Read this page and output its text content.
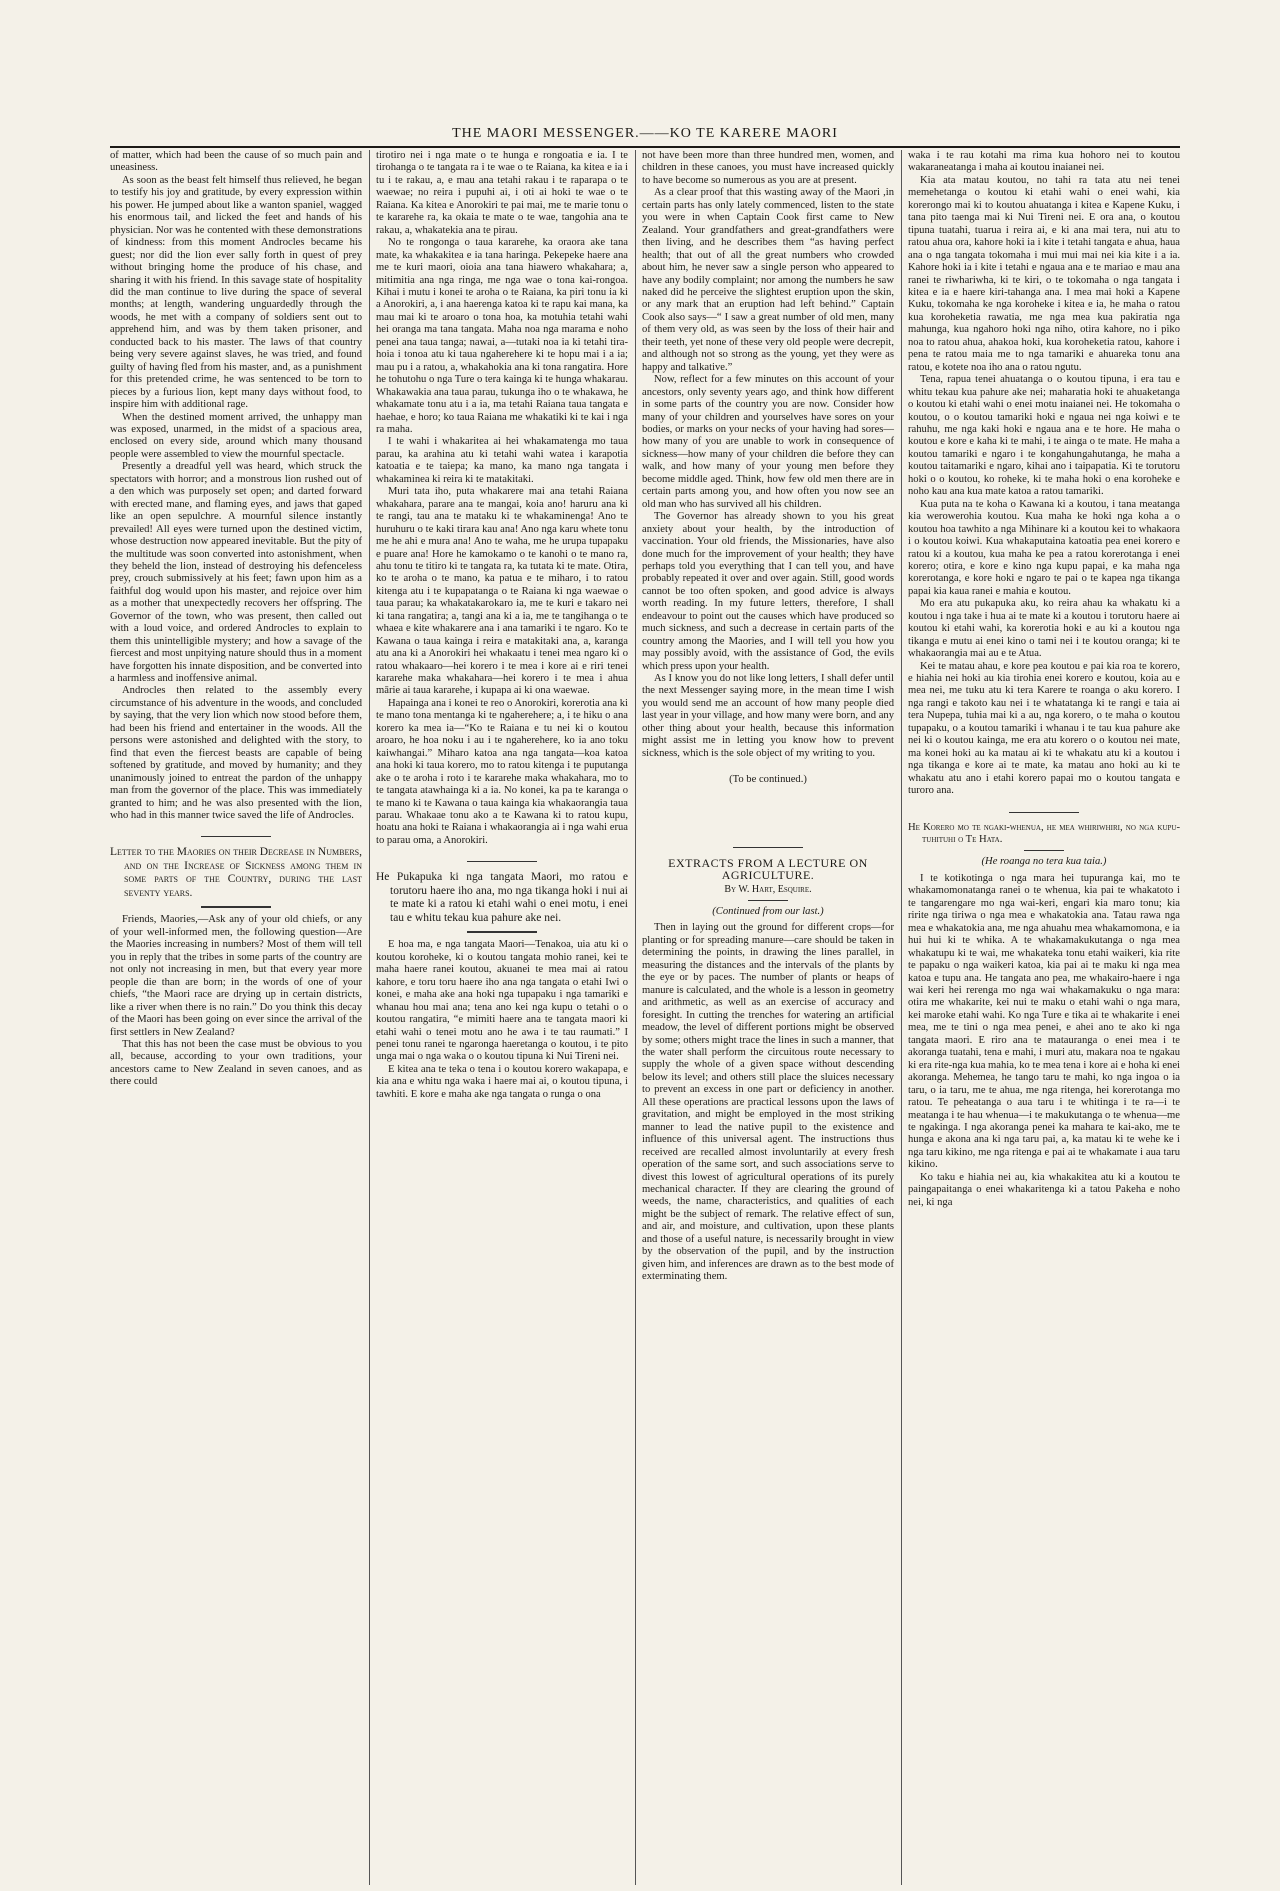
THE MAORI MESSENGER.——KO TE KARERE MAORI

of matter, which had been the cause of so much pain and uneasiness.

As soon as the beast felt himself thus relieved, he began to testify his joy and gratitude, by every expression within his power. He jumped about like a wanton spaniel, wagged his enormous tail, and licked the feet and hands of his physician. Nor was he contented with these demonstrations of kindness: from this moment Androcles became his guest; nor did the lion ever sally forth in quest of prey without bringing home the produce of his chase, and sharing it with his friend. In this savage state of hospitality did the man continue to live during the space of several months; at length, wandering unguardedly through the woods, he met with a company of soldiers sent out to apprehend him, and was by them taken prisoner, and conducted back to his master. The laws of that country being very severe against slaves, he was tried, and found guilty of having fled from his master, and, as a punishment for this pretended crime, he was sentenced to be torn to pieces by a furious lion, kept many days without food, to inspire him with additional rage.

When the destined moment arrived, the unhappy man was exposed, unarmed, in the midst of a spacious area, enclosed on every side, around which many thousand people were assembled to view the mournful spectacle.

Presently a dreadful yell was heard, which struck the spectators with horror; and a monstrous lion rushed out of a den which was purposely set open; and darted forward with erected mane, and flaming eyes, and jaws that gaped like an open sepulchre. A mournful silence instantly prevailed! All eyes were turned upon the destined victim, whose destruction now appeared inevitable. But the pity of the multitude was soon converted into astonishment, when they beheld the lion, instead of destroying his defenceless prey, crouch submissively at his feet; fawn upon him as a faithful dog would upon his master, and rejoice over him as a mother that unexpectedly recovers her offspring. The Governor of the town, who was present, then called out with a loud voice, and ordered Androcles to explain to them this unintelligible mystery; and how a savage of the fiercest and most unpitying nature should thus in a moment have forgotten his innate disposition, and be converted into a harmless and inoffensive animal.

Androcles then related to the assembly every circumstance of his adventure in the woods, and concluded by saying, that the very lion which now stood before them, had been his friend and entertainer in the woods. All the persons were astonished and delighted with the story, to find that even the fiercest beasts are capable of being softened by gratitude, and moved by humanity; and they unanimously joined to entreat the pardon of the unhappy man from the governor of the place. This was immediately granted to him; and he was also presented with the lion, who had in this manner twice saved the life of Androcles.

Letter to the Maories on their Decrease in Numbers, and on the Increase of Sickness among them in some parts of the Country, during the last seventy years.

Friends, Maories,—Ask any of your old chiefs, or any of your well-informed men, the following question—Are the Maories increasing in numbers? Most of them will tell you in reply that the tribes in some parts of the country are not only not increasing in men, but that every year more people die than are born; in the words of one of your chiefs, “the Maori race are drying up in certain districts, like a river when there is no rain.” Do you think this decay of the Maori has been going on ever since the arrival of the first settlers in New Zealand?

That this has not been the case must be obvious to you all, because, according to your own traditions, your ancestors came to New Zealand in seven canoes, and as there could

tirotiro nei i nga mate o te hunga e rongoatia e ia. I te tirohanga o te tangata ra i te wae o te Raiana, ka kitea e ia i tu i te rakau, a, e mau ana tetahi rakau i te raparapa o te waewae; no reira i pupuhi ai, i oti ai hoki te wae o te Raiana. Ka kitea e Anorokiri te pai mai, me te marie tonu o te kararehe ra, ka okaia te mate o te wae, tangohia ana te rakau, a, whakatekia ana te pirau.

No te rongonga o taua kararehe, ka oraora ake tana mate, ka whakakitea e ia tana haringa. Pekepeke haere ana me te kuri maori, oioia ana tana hiawero whakahara; a, mitimitia ana nga ringa, me nga wae o tona kai-rongoa. Kihai i mutu i konei te aroha o te Raiana, ka piri tonu ia ki a Anorokiri, a, i ana haerenga katoa ki te rapu kai mana, ka mau mai ki te aroaro o tona hoa, ka motuhia tetahi wahi hei oranga ma tana tangata. Maha noa nga marama e noho penei ana taua tanga; nawai, a—tutaki noa ia ki tetahi tira-hoia i tonoa atu ki taua ngaherehere ki te hopu mai i a ia; mau pu i a ratou, a, whakahokia ana ki tona rangatira. Hore he tohutohu o nga Ture o tera kainga ki te hunga whakarau. Whakawakia ana taua parau, tukunga iho o te whakawa, he whakamate tonu atu i a ia, ma tetahi Raiana taua tangata e haehae, e horo; ko taua Raiana me whakatiki ki te kai i nga ra maha.

I te wahi i whakaritea ai hei whakamatenga mo taua parau, ka arahina atu ki tetahi wahi watea i karapotia katoatia e te taiepa; ka mano, ka mano nga tangata i whakaminea ki reira ki te matakitaki.

Muri tata iho, puta whakarere mai ana tetahi Raiana whakahara, parare ana te mangai, koia ano! haruru ana ki te rangi, tau ana te mataku ki te whakaminenga! Ano te huruhuru o te kaki tirara kau ana! Ano nga karu whete tonu me he ahi e mura ana! Ano te waha, me he urupa tupapaku e puare ana! Hore he kamokamo o te kanohi o te mano ra, ahu tonu te titiro ki te tangata ra, ka tutata ki te mate. Otira, ko te aroha o te mano, ka patua e te miharo, i to ratou kitenga atu i te kupapatanga o te Raiana ki nga waewae o taua parau; ka whakatakarokaro ia, me te kuri e takaro nei ki tana rangatira; a, tangi ana ki a ia, me te tangihanga o te whaea e kite whakarere ana i ana tamariki i te ngaro. Ko te Kawana o taua kainga i reira e matakitaki ana, a, karanga atu ana ki a Anorokiri hei whakaatu i tenei mea ngaro ki o ratou whakaaro—hei korero i te mea i kore ai e riri tenei kararehe maka whakahara—hei korero i te mea i ahua mārie ai taua kararehe, i kupapa ai ki ona waewae.

Hapainga ana i konei te reo o Anorokiri, korerotia ana ki te mano tona mentanga ki te ngaherehere; a, i te hiku o ana korero ka mea ia—“Ko te Raiana e tu nei ki o koutou aroaro, he hoa noku i au i te ngaherehere, ko ia ano toku kaiwhangai.” Miharo katoa ana nga tangata—koa katoa ana hoki ki taua korero, mo to ratou kitenga i te puputanga ake o te aroha i roto i te kararehe maka whakahara, mo to te tangata atawhainga ki a ia. No konei, ka pa te karanga o te mano ki te Kawana o taua kainga kia whakaorangia taua parau. Whakaae tonu ako a te Kawana ki to ratou kupu, hoatu ana hoki te Raiana i whakaorangia ai i nga wahi erua to parau oma, a Anorokiri.

He Pukapuka ki nga tangata Maori, mo ratou e torutoru haere iho ana, mo nga tikanga hoki i nui ai te mate ki a ratou ki etahi wahi o enei motu, i enei tau e whitu tekau kua pahure ake nei.

E hoa ma, e nga tangata Maori—Tenakoa, uia atu ki o koutou koroheke, ki o koutou tangata mohio ranei, kei te maha haere ranei koutou, akuanei te mea mai ai ratou kahore, e toru toru haere iho ana nga tangata o etahi Iwi o konei, e maha ake ana hoki nga tupapaku i nga tamariki e whanau hou mai ana; tena ano kei nga kupu o tetahi o o koutou rangatira, “e mimiti haere ana te tangata maori ki etahi wahi o tenei motu ano he awa i te tau raumati.” I penei tonu ranei te ngaronga haeretanga o koutou, i te pito unga mai o nga waka o o koutou tipuna ki Nui Tireni nei.

E kitea ana te teka o tena i o koutou korero wakapapa, e kia ana e whitu nga waka i haere mai ai, o koutou tipuna, i tawhiti. E kore e maha ake nga tangata o runga o ona

not have been more than three hundred men, women, and children in these canoes, you must have increased quickly to have become so numerous as you are at present.

As a clear proof that this wasting away of the Maori ,in certain parts has only lately commenced, listen to the state you were in when Captain Cook first came to New Zealand. Your grandfathers and great-grandfathers were then living, and he describes them “as having perfect health; that out of all the great numbers who crowded about him, he never saw a single person who appeared to have any bodily complaint; nor among the numbers he saw naked did he perceive the slightest eruption upon the skin, or any mark that an eruption had left behind.” Captain Cook also says—“ I saw a great number of old men, many of them very old, as was seen by the loss of their hair and their teeth, yet none of these very old people were decrepit, and although not so strong as the young, yet they were as happy and talkative.”

Now, reflect for a few minutes on this account of your ancestors, only seventy years ago, and think how different in some parts of the country you are now. Consider how many of your children and yourselves have sores on your bodies, or marks on your necks of your having had sores—how many of you are unable to work in consequence of sickness—how many of your children die before they can walk, and how many of your young men before they become middle aged. Think, how few old men there are in certain parts among you, and how often you now see an old man who has survived all his children.

The Governor has already shown to you his great anxiety about your health, by the introduction of vaccination. Your old friends, the Missionaries, have also done much for the improvement of your health; they have perhaps told you everything that I can tell you, and have probably repeated it over and over again. Still, good words cannot be too often spoken, and good advice is always worth reading. In my future letters, therefore, I shall endeavour to point out the causes which have produced so much sickness, and such a decrease in certain parts of the country among the Maories, and I will tell you how you may possibly avoid, with the assistance of God, the evils which press upon your health.

As I know you do not like long letters, I shall defer until the next Messenger saying more, in the mean time I wish you would send me an account of how many people died last year in your village, and how many were born, and any other thing about your health, because this information might assist me in letting you know how to prevent sickness, which is the sole object of my writing to you.

(To be continued.)

EXTRACTS FROM A LECTURE ON AGRICULTURE.
By W. Hart, Esquire.
(Continued from our last.)

Then in laying out the ground for different crops—for planting or for spreading manure—care should be taken in determining the points, in drawing the lines parallel, in measuring the distances and the intervals of the plants by the eye or by paces. The number of plants or heaps of manure is calculated, and the whole is a lesson in geometry and arithmetic, as well as an exercise of accuracy and foresight. In cutting the trenches for watering an artificial meadow, the level of different portions might be observed by some; others might trace the lines in such a manner, that the water shall perform the circuitous route necessary to supply the whole of a given space without descending below its level; and others still place the sluices necessary to prevent an excess in one part or deficiency in another. All these operations are practical lessons upon the laws of gravitation, and might be employed in the most striking manner to lead the native pupil to the existence and influence of this universal agent. The instructions thus received are recalled almost involuntarily at every fresh operation of the same sort, and such associations serve to divest this lowest of agricultural operations of its purely mechanical character. If they are clearing the ground of weeds, the name, characteristics, and qualities of each might be the subject of remark. The relative effect of sun, and air, and moisture, and cultivation, upon these plants and those of a useful nature, is necessarily brought in view by the observation of the pupil, and by the instruction given him, and inferences are drawn as to the best mode of exterminating them.

waka i te rau kotahi ma rima kua hohoro nei to koutou wakaraneatanga i maha ai koutou inaianei nei.

Kia ata matau koutou, no tahi ra tata atu nei tenei memehetanga o koutou ki etahi wahi o enei wahi, kia korerongo mai ki to koutou ahuatanga i kitea e Kapene Kuku, i tana pito taenga mai ki Nui Tireni nei. E ora ana, o koutou tipuna tuatahi, tuarua i reira ai, e ki ana mai tera, nui atu to ratou ahua ora, kahore hoki ia i kite i tetahi tangata e ahua, haua ana o nga tangata tokomaha i mui mui mai nei kia kite i a ia. Kahore hoki ia i kite i tetahi e ngaua ana e te mariao e mau ana ranei te riwhariwha, ki te kiri, o te tokomaha o nga tangata i kitea e ia e haere kiri-tahanga ana. I mea mai hoki a Kapene Kuku, tokomaha ke nga koroheke i kitea e ia, he maha o ratou kua koroheketia rawatia, me nga mea kua pakiratia nga mahunga, kua ngahoro hoki nga niho, otira kahore, no i piko noa to ratou ahua, ahakoa hoki, kua koroheketia ratou, kahore i pena te ratou maia me to nga tamariki e ahuareka tonu ana ratou, e kotete noa iho ana o ratou ngutu.

Tena, rapua tenei ahuatanga o o koutou tipuna, i era tau e whitu tekau kua pahure ake nei; maharatia hoki te ahuaketanga o koutou ki etahi wahi o enei motu inaianei nei. He tokomaha o koutou, o o koutou tamariki hoki e ngaua nei nga koiwi e te rahuhu, me nga kaki hoki e ngaua ana e te hore. He maha o koutou e kore e kaha ki te mahi, i te ainga o te mate. He maha a koutou tamariki e ngaro i te kongahungahutanga, he maha a koutou taitamariki e ngaro, kihai ano i taipapatia. Ki te torutoru hoki o o koutou, ko roheke, ki te maha hoki o ena koroheke e noho kau ana kua mate katoa a ratou tamariki.

Kua puta na te koha o Kawana ki a koutou, i tana meatanga kia werowerohia koutou. Kua maha ke hoki nga koha a o koutou hoa tawhito a nga Mihinare ki a koutou kei to whakaora i o koutou koiwi. Kua whakaputaina katoatia pea enei korero e ratou ki a koutou, kua maha ke pea a ratou korerotanga i enei korero; otira, e kore e kino nga kupu papai, e ka maha nga korerotanga, e kore hoki e ngaro te pai o te kapea nga tikanga papai kia kaua ranei e mahia e koutou.

Mo era atu pukapuka aku, ko reira ahau ka whakatu ki a koutou i nga take i hua ai te mate ki a koutou i torutoru haere ai koutou ki etahi wahi, ka korerotia hoki e au ki a koutou nga tikanga e mutu ai enei kino o tami nei i te koutou oranga; ki te whakaorangia mai au e te Atua.

Kei te matau ahau, e kore pea koutou e pai kia roa te korero, e hiahia nei hoki au kia tirohia enei korero e koutou, koia au e mea nei, me tuku atu ki tera Karere te roanga o aku korero. I nga rangi e takoto kau nei i te whatatanga ki te rangi e taia ai tera Nupepa, tuhia mai ki a au, nga korero, o te maha o koutou tupapaku, o a koutou tamariki i whanau i te tau kua pahure ake nei ki o koutou kainga, me era atu korero o o koutou nei mate, ma konei hoki au ka matau ai ki te whakatu atu ki a koutou i nga tikanga e kore ai te mate, ka matau ano hoki au ki te whakatu atu ano i etahi korero papai mo o koutou tangata e turoro ana.

He Korero mo te ngaki-whenua, he mea whiriwhiri, no nga kupu-tuhituhi o Te Hata.

(He roanga no tera kua taia.)

I te kotikotinga o nga mara hei tupuranga kai, mo te whakamomonatanga ranei o te whenua, kia pai te whakatoto i te tangarengare mo nga wai-keri, engari kia maro tonu; kia ririte nga tiriwa o nga mea e whakatokia ana. Tatau rawa nga mea e whakatokia ana, me nga ahuahu mea whakamomona, e ia hui hui ki te whika. A te whakamakukutanga o nga mea whakatupu ki te wai, me whakateka tonu etahi waikeri, kia rite te papaku o nga waikeri katoa, kia pai ai te maku ki nga mea katoa e tupu ana. He tangata ano pea, me whakairo-haere i nga wai keri hei rerenga mo nga wai whakamakuku o nga mara: otira me whakarite, kei nui te maku o etahi wahi o nga mara, kei maroke etahi wahi. Ko nga Ture e tika ai te whakarite i enei mea, me te tini o nga mea penei, e ahei ano te ako ki nga tangata maori. E riro ana te matauranga o enei mea i te akoranga tuatahi, tena e mahi, i muri atu, makara noa te ngakau ki era rite-nga kua mahia, ko te mea tena i kore ai e hoha ki enei akoranga. Mehemea, he tango taru te mahi, ko nga ingoa o ia taru, o ia taru, me te ahua, me nga ritenga, hei korerotanga mo ratou. Te peheatanga o aua taru i te whitinga i te ra—i te meatanga i te hau whenua—i te makukutanga o te whenua—me te ngakinga. I nga akoranga penei ka mahara te kai-ako, me te hunga e akona ana ki nga taru pai, a, ka matau ki te wehe ke i nga taru kikino, me nga ritenga e pai ai te whakamate i aua taru kikino.

Ko taku e hiahia nei au, kia whakakitea atu ki a koutou te paingapaitanga o enei whakaritenga ki a tatou Pakeha e noho nei, ki nga
